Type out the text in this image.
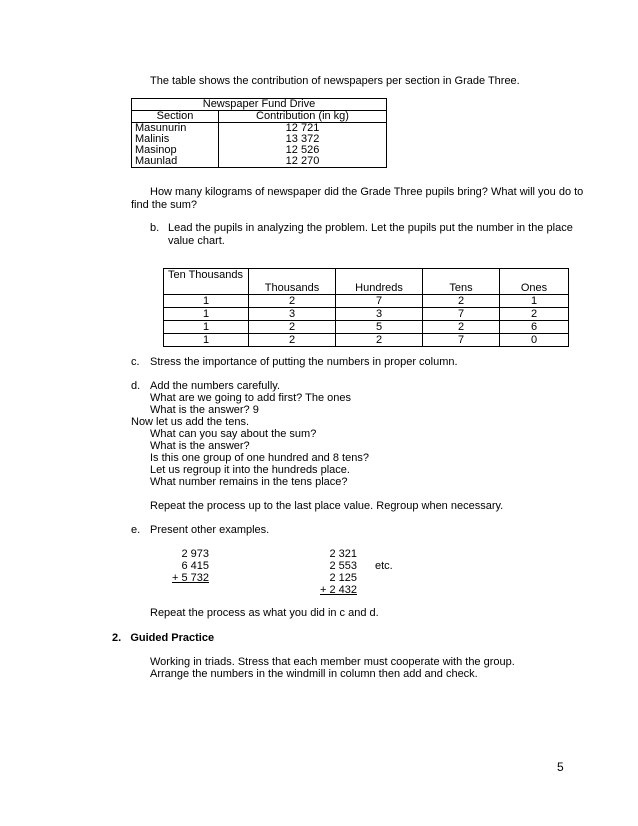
The table shows the contribution of newspapers per section in Grade Three.
Newspaper Fund Drive	
Section	Contribution (in kg)
Masunurin	12 721
Malinis	13 372
Masinop	12 526
Maunlad	12 270
How many kilograms of newspaper did the Grade Three pupils bring? What will you do to
find the sum?
b. Lead the pupils in analyzing the problem. Let the pupils put the number in the place
value chart.
Ten Thousands	Thousands	Hundreds	Tens	Ones
1	2	7	2	1
1	3	3	7	2
1	2	5	2	6
1	2	2	7	0
c. Stress the importance of putting the numbers in proper column.
d. Add the numbers carefully.
What are we going to add first? The ones
What is the answer? 9
Now let us add the tens.
What can you say about the sum?
What is the answer?
Is this one group of one hundred and 8 tens?
Let us regroup it into the hundreds place.
What number remains in the tens place?
Repeat the process up to the last place value. Regroup when necessary.
e. Present other examples.
2 973
6 415
+ 5 732
2 321
2 553
2 125
+ 2 432
etc.
Repeat the process as what you did in c and d.
2.   Guided Practice
Working in triads. Stress that each member must cooperate with the group.
Arrange the numbers in the windmill in column then add and check.
5
